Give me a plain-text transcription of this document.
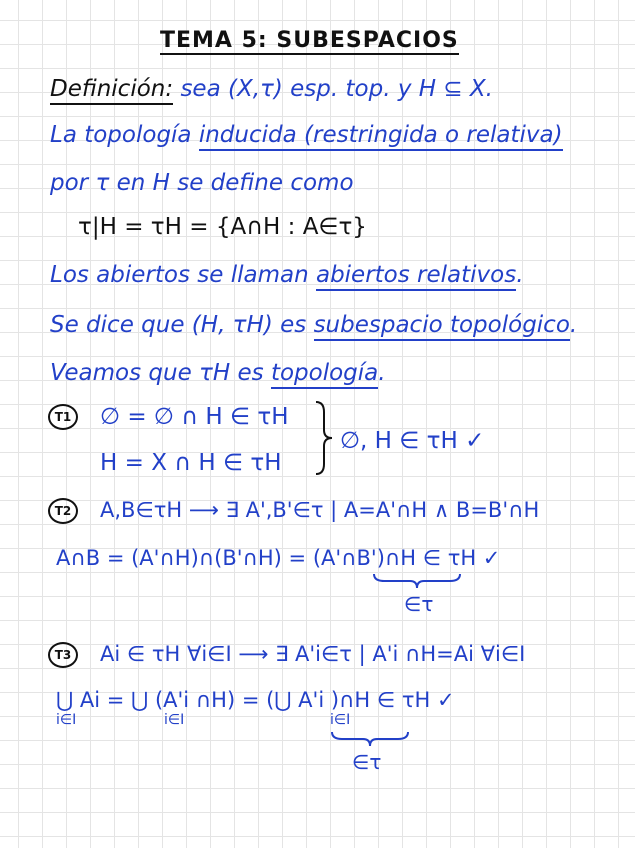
TEMA 5: SUBESPACIOS
Definición: sea (X,τ) esp. top. y H ⊆ X.
La topología inducida (restringida o relativa)
por τ en H se define como
τ|H = τH = {A∩H : A∈τ}
Los abiertos se llaman abiertos relativos.
Se dice que (H, τH) es subespacio topológico.
Veamos que τH es topología.
T1 ∅ = ∅ ∩ H ∈ τH
H = X ∩ H ∈ τH
∅, H ∈ τH ✓
T2	A,B∈τH ⟶ ∃ A',B'∈τ | A=A'∩H ∧ B=B'∩H
A∩B = (A'∩H)∩(B'∩H) = (A'∩B')∩H ∈ τH ✓
∈τ
T3	Ai ∈ τH ∀i∈I ⟶ ∃ A'i∈τ | A'i ∩H=Ai ∀i∈I
⋃ Ai = ⋃ (A'i ∩H) = (⋃ A'i )∩H ∈ τH ✓
i∈I	i∈I	i∈I
∈τ
